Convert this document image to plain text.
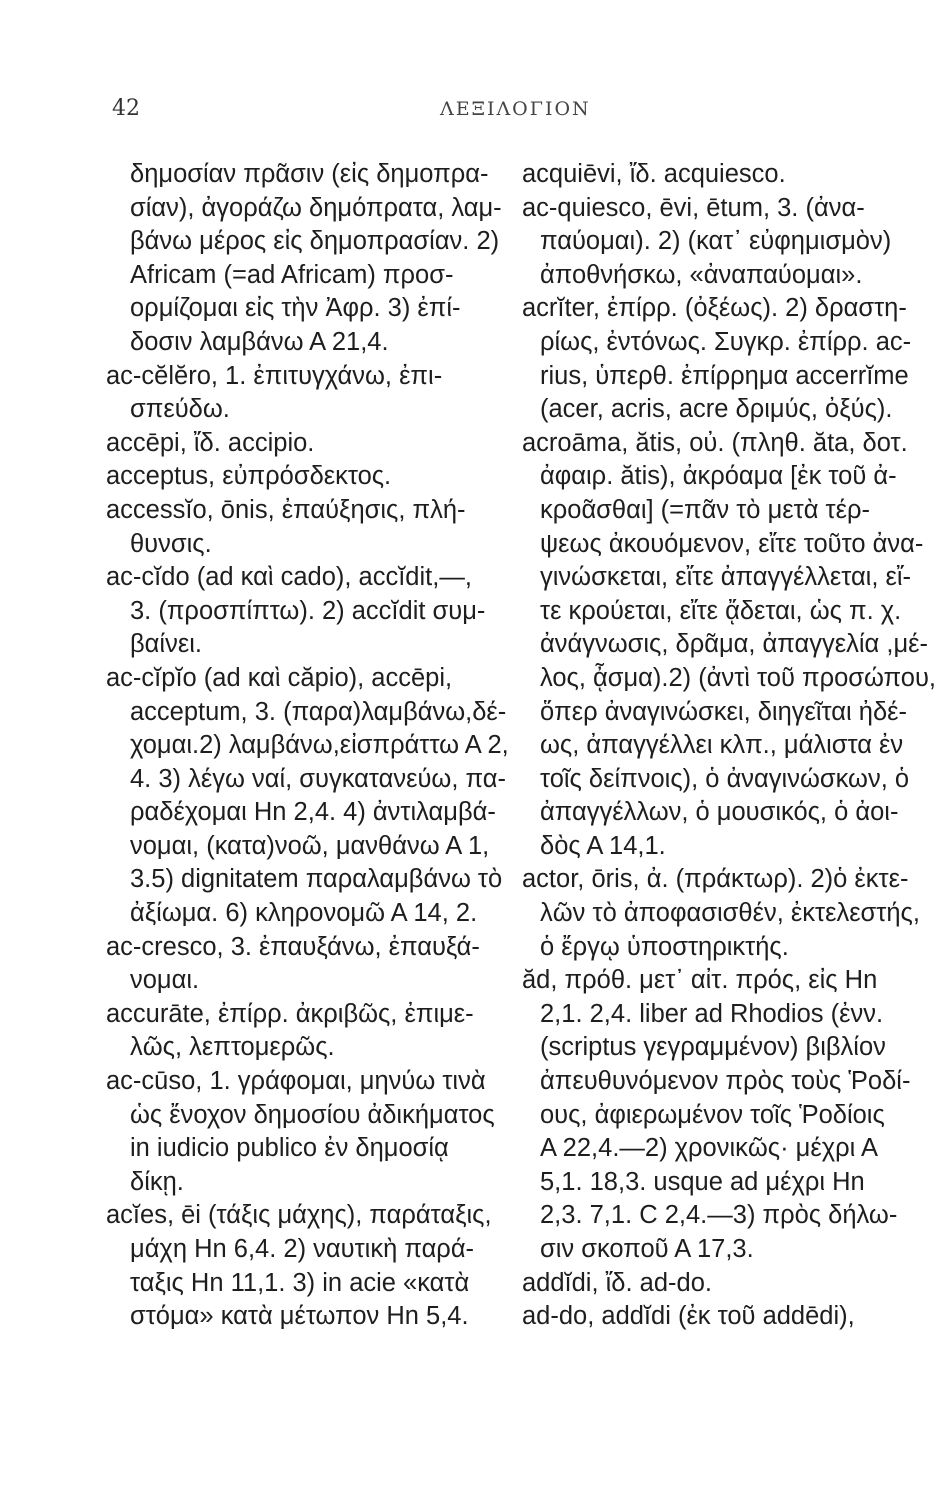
42	ΛΕΞΙΛΟΓΙΟΝ
δημοσίαν πρᾶσιν (εἰς δημοπρα-
σίαν), ἀγοράζω δημόπρατα, λαμ-
βάνω μέρος εἰς δημοπρασίαν. 2)
Africam (=ad Africam) προσ-
ορμίζομαι εἰς τὴν Ἀφρ. 3) ἐπί-
δοσιν λαμβάνω Α 21,4.
ac-cĕlĕro, 1. ἐπιτυγχάνω, ἐπι-
σπεύδω.
accēpi, ἴδ. accipio.
acceptus, εὐπρόσδεκτος.
accessĭo, ōnis, ἐπαύξησις, πλή-
θυνσις.
ac-cĭdo (ad καὶ cado), accĭdit,—,
3. (προσπίπτω). 2) accĭdit συμ-
βαίνει.
ac-cĭpĭo (ad καὶ căpio), accēpi,
acceptum, 3. (παρα)λαμβάνω,δέ-
χομαι.2) λαμβάνω,εἰσπράττω Α 2,
4. 3) λέγω ναί, συγκατανεύω, πα-
ραδέχομαι Ηn 2,4. 4) ἀντιλαμβά-
νομαι, (κατα)νοῶ, μανθάνω Α 1,
3.5) dignitatem παραλαμβάνω τὸ
ἀξίωμα. 6) κληρονομῶ Α 14, 2.
ac-cresco, 3. ἐπαυξάνω, ἐπαυξά-
νομαι.
accurāte, ἐπίρρ. ἀκριβῶς, ἐπιμε-
λῶς, λεπτομερῶς.
ac-cūso, 1. γράφομαι, μηνύω τινὰ
ὡς ἔνοχον δημοσίου ἀδικήματος
in iudicio publico ἐν δημοσίᾳ
δίκῃ.
acĭes, ēi (τάξις μάχης), παράταξις,
μάχη Ηn 6,4. 2) ναυτικὴ παρά-
ταξις Ηn 11,1. 3) in acie «κατὰ
στόμα» κατὰ μέτωπον Ηn 5,4.
acquiēvi, ἴδ. acquiesco.
ac-quiesco, ēvi, ētum, 3. (ἀνα-
παύομαι). 2) (κατ᾽ εὐφημισμὸν)
ἀποθνήσκω, «ἀναπαύομαι».
acrĭter, ἐπίρρ. (ὀξέως). 2) δραστη-
ρίως, ἐντόνως. Συγκρ. ἐπίρρ. ac-
rius, ὑπερθ. ἐπίρρημα accerrĭme
(acer, acris, acre δριμύς, ὀξύς).
acroāma, ătis, οὐ. (πληθ. ăta, δοτ.
ἀφαιρ. ătis), ἀκρόαμα [ἐκ τοῦ ἀ-
κροᾶσθαι] (=πᾶν τὸ μετὰ τέρ-
ψεως ἀκουόμενον, εἴτε τοῦτο ἀνα-
γινώσκεται, εἴτε ἀπαγγέλλεται, εἴ-
τε κρούεται, εἴτε ᾄδεται, ὡς π. χ.
ἀνάγνωσις, δρᾶμα, ἀπαγγελία ,μέ-
λος, ᾆσμα).2) (ἀντὶ τοῦ προσώπου,
ὅπερ ἀναγινώσκει, διηγεῖται ἠδέ-
ως, ἀπαγγέλλει κλπ., μάλιστα ἐν
τοῖς δείπνοις), ὁ ἀναγινώσκων, ὁ
ἀπαγγέλλων, ὁ μουσικός, ὁ ἀοι-
δὸς Α 14,1.
actor, ōris, ἀ. (πράκτωρ). 2)ὁ ἐκτε-
λῶν τὸ ἀποφασισθέν, ἐκτελεστής,
ὁ ἔργῳ ὑποστηρικτής.
ăd, πρόθ. μετ᾽ αἰτ. πρός, εἰς Ηn
2,1. 2,4. liber ad Rhodios (ἐνν.
(scriptus γεγραμμένον) βιβλίον
ἀπευθυνόμενον πρὸς τοὺς Ῥοδί-
ους, ἀφιερωμένον τοῖς Ῥοδίοις
Α 22,4.—2) χρονικῶς· μέχρι Α
5,1. 18,3. usque ad μέχρι Ηn
2,3. 7,1. C 2,4.—3) πρὸς δήλω-
σιν σκοποῦ Α 17,3.
addĭdi, ἴδ. ad-do.
ad-do, addĭdi (ἐκ τοῦ addēdi),
